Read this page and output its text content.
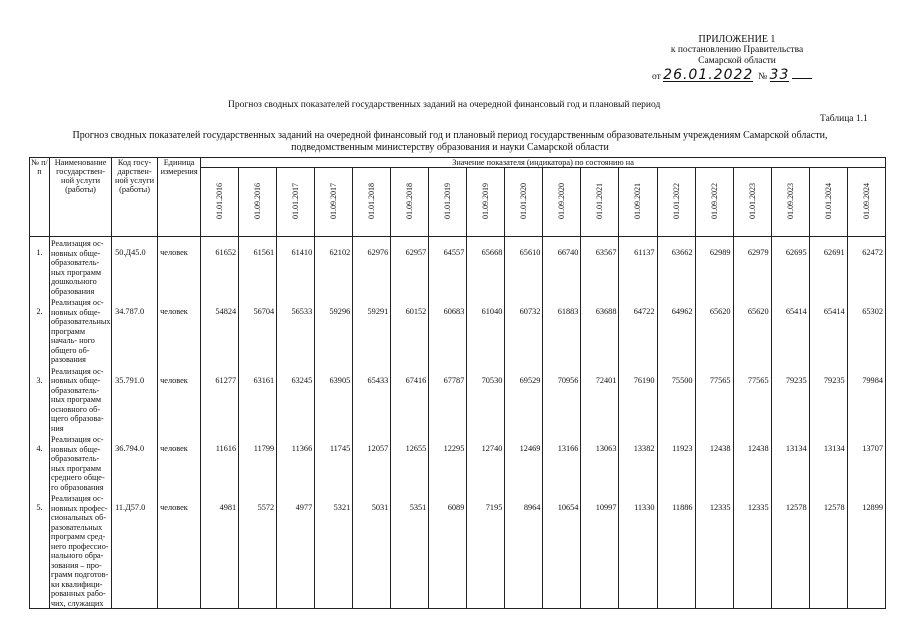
ПРИЛОЖЕНИЕ 1
к постановлению Правительства
Самарской области
от 26.01.2022 № 33
Прогноз сводных показателей государственных заданий на очередной финансовый год и плановый период
Таблица 1.1
Прогноз сводных показателей государственных заданий на очередной финансовый год и плановый период государственным образовательным учреждениям Самарской области,
подведомственным министерству образования и науки Самарской области
№ п/п	Наименование государствен- ной услуги (работы)	Код госу- дарствен- ной услуги (работы)	Единица измерения	Значение показателя (индикатора) по состоянию на																	
				01.01.2016	01.09.2016	01.01.2017	01.09.2017	01.01.2018	01.09.2018	01.01.2019	01.09.2019	01.01.2020	01.09.2020	01.01.2021	01.09.2021	01.01.2022	01.09.2022	01.01.2023	01.09.2023	01.01.2024	01.09.2024
1.	Реализация ос- новных обще- образователь- ных программ дошкольного образования	50.Д45.0	человек	61652	61561	61410	62102	62976	62957	64557	65668	65610	66740	63567	61137	63662	62989	62979	62695	62691	62472
2.	Реализация ос- новных обще- образовательных программ началь- ного общего об- разования	34.787.0	человек	54824	56704	56533	59296	59291	60152	60683	61040	60732	61883	63688	64722	64962	65620	65620	65414	65414	65302
3.	Реализация ос- новных обще- образователь- ных программ основного об- щего образова- ния	35.791.0	человек	61277	63161	63245	63905	65433	67416	67787	70530	69529	70956	72401	76190	75500	77565	77565	79235	79235	79984
4.	Реализация ос- новных обще- образователь- ных программ среднего обще- го образования	36.794.0	человек	11616	11799	11366	11745	12057	12655	12295	12740	12469	13166	13063	13382	11923	12438	12438	13134	13134	13707
5.	Реализация ос- новных профес- сиональных об- разовательных программ сред- него профессио- нального обра- зования – про- грамм подготов- ки квалифици- рованных рабо- чих, служащих	11.Д57.0	человек	4981	5572	4977	5321	5031	5351	6089	7195	8964	10654	10997	11330	11886	12335	12335	12578	12578	12899
